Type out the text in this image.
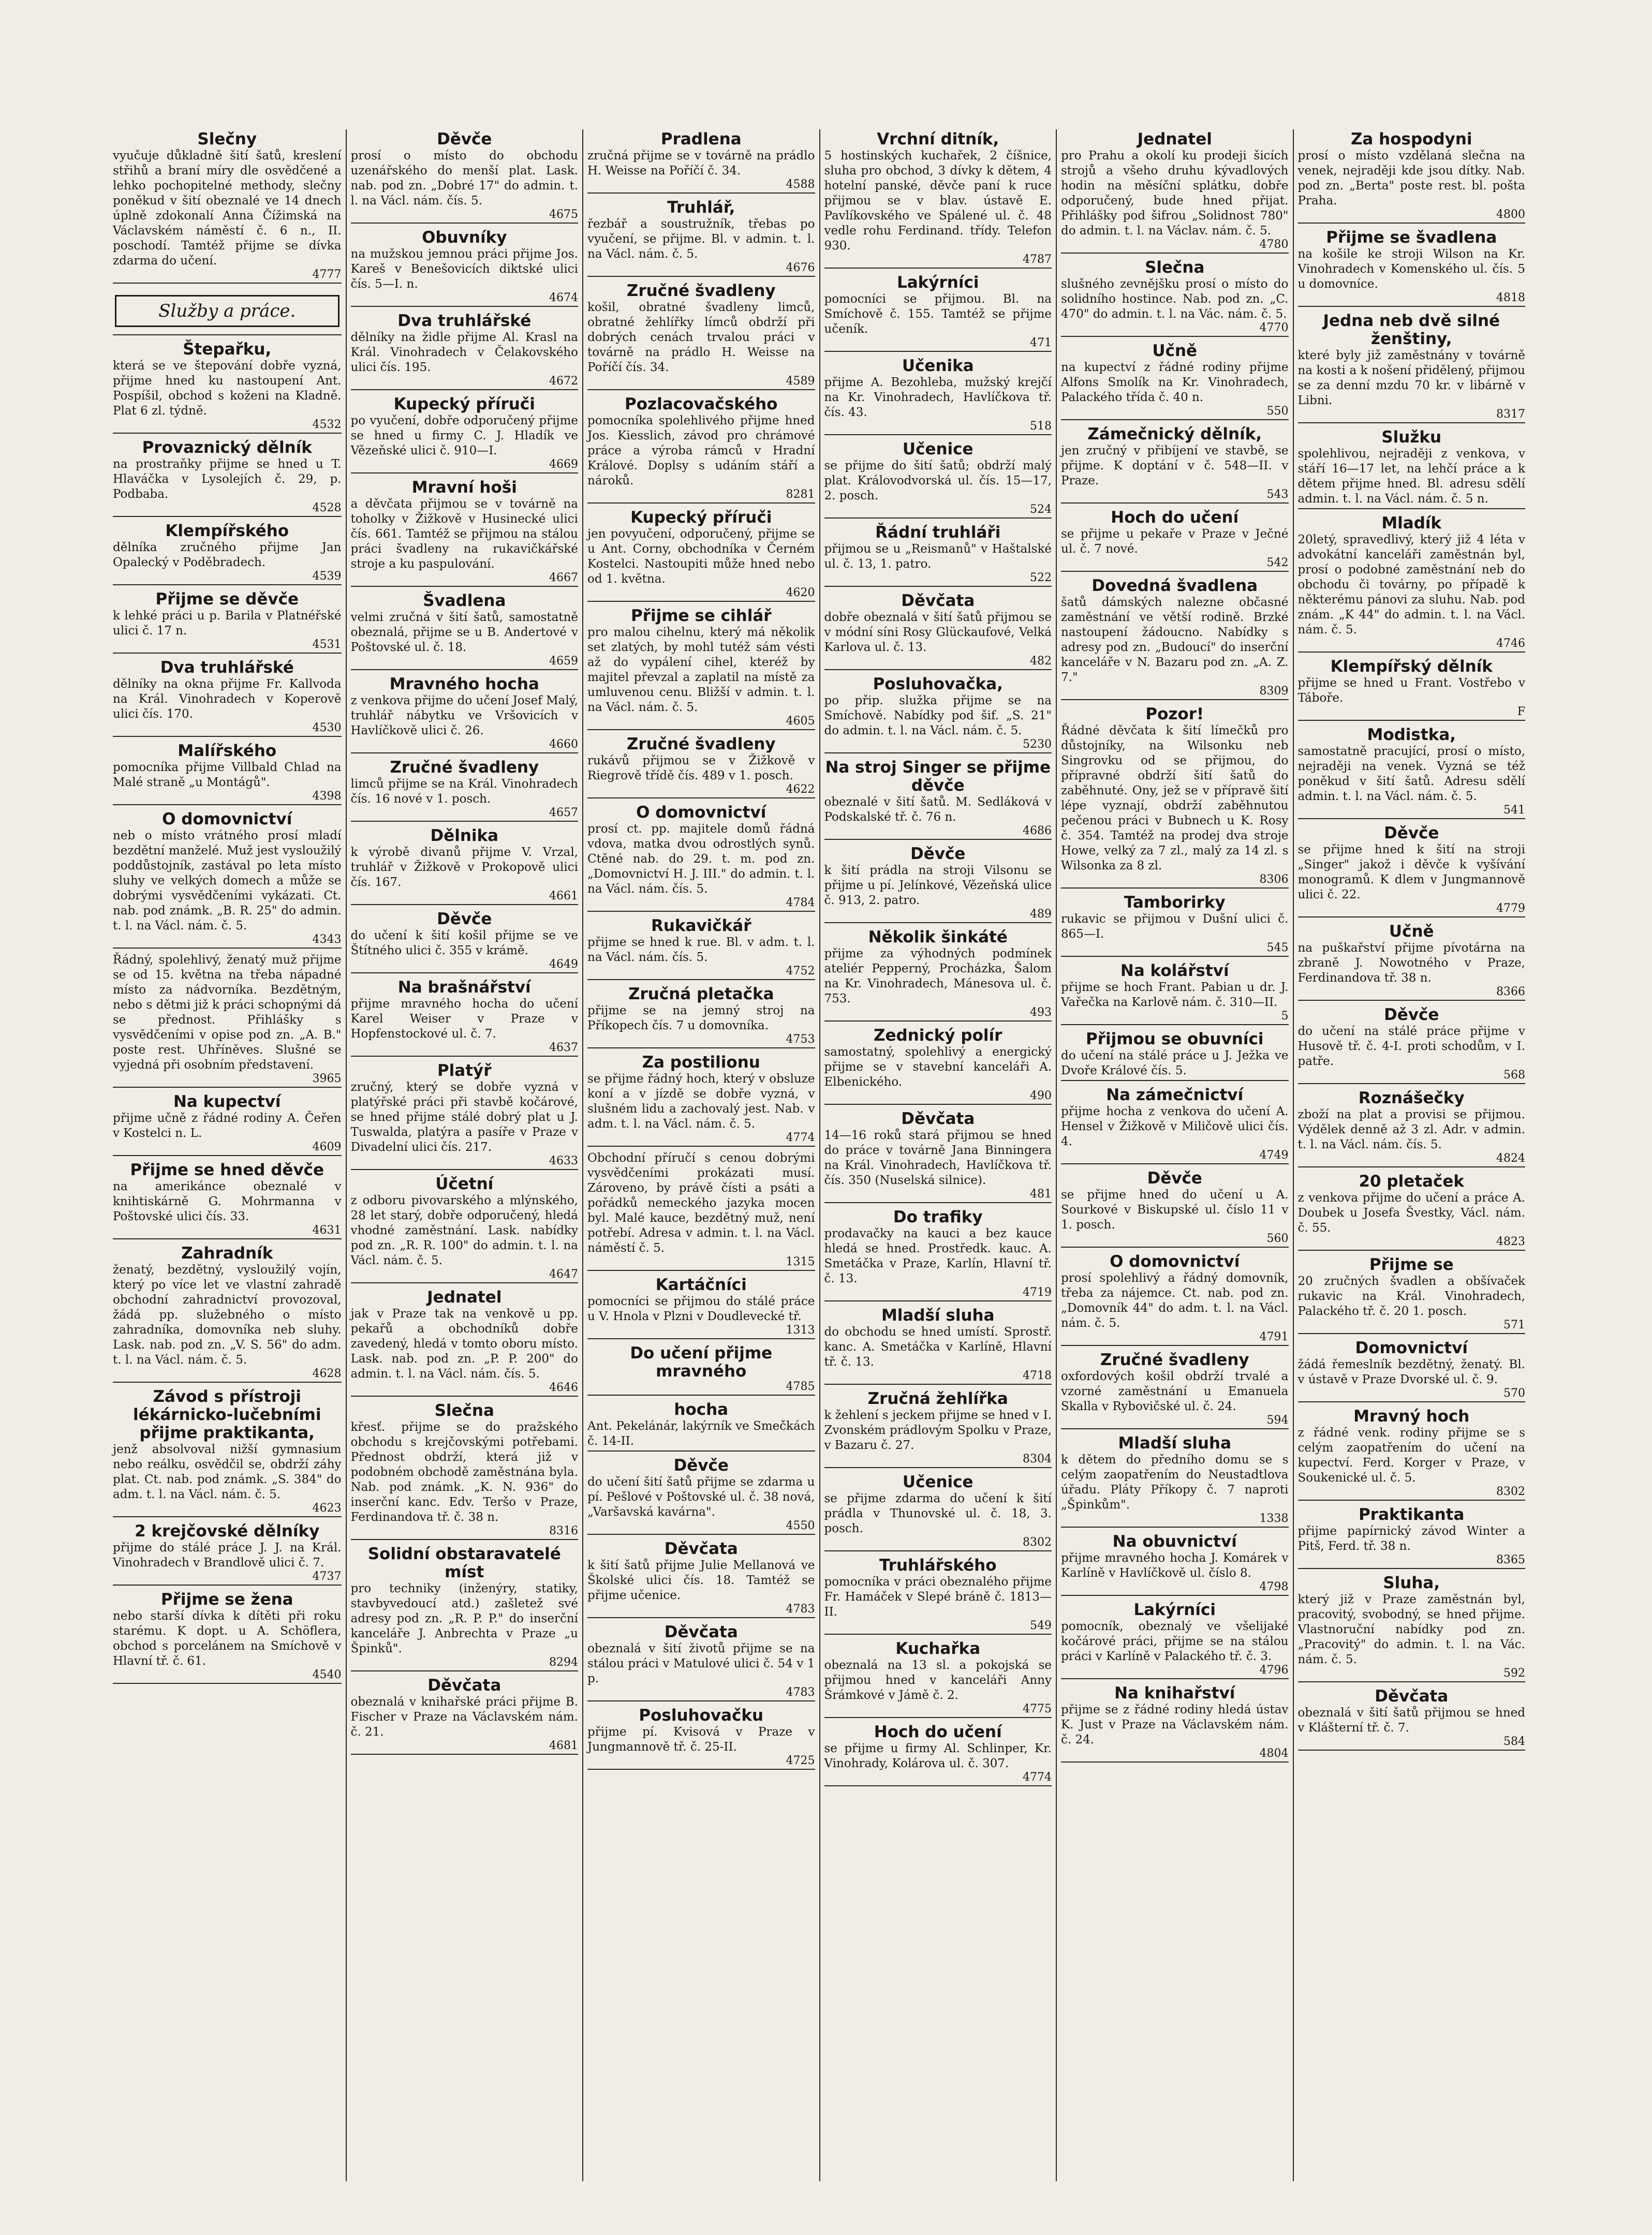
Slečny
vyučuje důkladně šití šatů, kreslení střihů a braní míry dle osvědčené a lehko pochopitelné methody, slečny poněkud v šití obeznalé ve 14 dnech úplně zdokonalí Anna Čížimská na Václavském náměstí č. 6 n., II. poschodí. Tamtéž přijme se dívka zdarma do učení.
4777
Služby a práce.
Štepařku,
která se ve štepování dobře vyzná, přijme hned ku nastoupení Ant. Pospíšil, obchod s koženi na Kladně. Plat 6 zl. týdně.
4532
Provaznický dělník
na prostraňky přijme se hned u T. Hlaváčka v Lysolejích č. 29, p. Podbaba.
4528
Klempířského
dělníka zručného přijme Jan Opalecký v Poděbradech.
4539
Přijme se děvče
k lehké práci u p. Barila v Platnéřské ulici č. 17 n.
4531
Dva truhlářské
dělníky na okna přijme Fr. Kallvoda na Král. Vinohradech v Koperově ulici čís. 170.
4530
Malířského
pomocníka přijme Villbald Chlad na Malé straně „u Montágů".
4398
O domovnictví
neb o místo vrátného prosí mladí bezdětní manželé. Muž jest vysloužilý poddůstojník, zastával po leta místo sluhy ve velkých domech a může se dobrými vysvědčeními vykázati. Ct. nab. pod známk. „B. R. 25" do admin. t. l. na Václ. nám. č. 5.
4343
Řádný, spolehlivý, ženatý muž přijme se od 15. května na třeba nápadné místo za nádvorníka. Bezdětným, nebo s dětmi již k práci schopnými dá se přednost. Přihlášky s vysvědčeními v opise pod zn. „A. B." poste rest. Uhříněves. Slušné se vyjedná při osobním představení.
3965
Na kupectví
přijme učně z řádné rodiny A. Čeřen v Kostelci n. L.
4609
Přijme se hned děvče
na amerikánce obeznalé v knihtiskárně G. Mohrmanna v Poštovské ulici čís. 33.
4631
Zahradník
ženatý, bezdětný, vysloužilý vojín, který po více let ve vlastní zahradě obchodní zahradnictví provozoval, žádá pp. služebného o místo zahradníka, domovníka neb sluhy. Lask. nab. pod zn. „V. S. 56" do adm. t. l. na Václ. nám. č. 5.
4628
Závod s přístroji lékárnicko-lučebními přijme praktikanta,
jenž absolvoval nižší gymnasium nebo reálku, osvědčil se, obdrží záhy plat. Ct. nab. pod známk. „S. 384" do adm. t. l. na Václ. nám. č. 5.
4623
2 krejčovské dělníky
přijme do stálé práce J. J. na Král. Vinohradech v Brandlově ulici č. 7.
4737
Přijme se žena
nebo starší dívka k dítěti při roku starému. K dopt. u A. Schöflera, obchod s porcelánem na Smíchově v Hlavní tř. č. 61.
4540
Děvče
prosí o místo do obchodu uzenářského do menší plat. Lask. nab. pod zn. „Dobré 17" do admin. t. l. na Václ. nám. čís. 5.
4675
Obuvníky
na mužskou jemnou práci přijme Jos. Kareš v Benešovicích diktské ulici čís. 5—I. n.
4674
Dva truhlářské
dělníky na židle přijme Al. Krasl na Král. Vinohradech v Čelakovského ulici čís. 195.
4672
Kupecký příruči
po vyučení, dobře odporučený přijme se hned u firmy C. J. Hladík ve Vězeňské ulici č. 910—I.
4669
Mravní hoši
a děvčata přijmou se v továrně na toholky v Žižkově v Husinecké ulici čís. 661. Tamtéž se přijmou na stálou práci švadleny na rukavičkářské stroje a ku paspulování.
4667
Švadlena
velmi zručná v šití šatů, samostatně obeznalá, přijme se u B. Andertové v Poštovské ul. č. 18.
4659
Mravného hocha
z venkova přijme do učení Josef Malý, truhlář nábytku ve Vršovicích v Havlíčkově ulici č. 26.
4660
Zručné švadleny
limců přijme se na Král. Vinohradech čís. 16 nové v 1. posch.
4657
Dělnika
k výrobě divanů přijme V. Vrzal, truhlář v Žižkově v Prokopově ulici čís. 167.
4661
Děvče
do učení k šití košil přijme se ve Štítného ulici č. 355 v krámě.
4649
Na brašnářství
přijme mravného hocha do učení Karel Weiser v Praze v Hopfenstockové ul. č. 7.
4637
Platýř
zručný, který se dobře vyzná v platýřské práci při stavbě kočárové, se hned přijme stálé dobrý plat u J. Tuswalda, platýra a pasíře v Praze v Divadelní ulici čís. 217.
4633
Účetní
z odboru pivovarského a mlýnského, 28 let starý, dobře odporučený, hledá vhodné zaměstnání. Lask. nabídky pod zn. „R. R. 100" do admin. t. l. na Václ. nám. č. 5.
4647
Jednatel
jak v Praze tak na venkově u pp. pekařů a obchodníků dobře zavedený, hledá v tomto oboru místo. Lask. nab. pod zn. „P. P. 200" do admin. t. l. na Václ. nám. čís. 5.
4646
Slečna
křesť. přijme se do pražského obchodu s krejčovskými potřebami. Přednost obdrží, která již v podobném obchodě zaměstnána byla. Nab. pod známk. „K. N. 936" do inserční kanc. Edv. Teršo v Praze, Ferdinandova tř. č. 38 n.
8316
Solidní obstaravatelé míst
pro techniky (inženýry, statiky, stavbyvedoucí atd.) zašletež své adresy pod zn. „R. P. P." do inserční kanceláře J. Anbrechta v Praze „u Špinků".
8294
Děvčata
obeznalá v knihařské práci přijme B. Fischer v Praze na Václavském nám. č. 21.
4681
Pradlena
zručná přijme se v továrně na prádlo H. Weisse na Poříčí č. 34.
4588
Truhlář,
řezbář a soustružník, třebas po vyučení, se přijme. Bl. v admin. t. l. na Václ. nám. č. 5.
4676
Zručné švadleny
košil, obratné švadleny limců, obratné žehlířky límců obdrží při dobrých cenách trvalou práci v továrně na prádlo H. Weisse na Poříčí čís. 34.
4589
Pozlacovačského
pomocníka spolehlivého přijme hned Jos. Kiesslich, závod pro chrámové práce a výroba rámců v Hradní Králové. Doplsy s udáním stáří a nároků.
8281
Kupecký příruči
jen povyučení, odporučený, přijme se u Ant. Corny, obchodníka v Černém Kostelci. Nastoupiti může hned nebo od 1. května.
4620
Přijme se cihlář
pro malou cihelnu, který má několik set zlatých, by mohl tutéž sám vésti až do vypálení cihel, kteréž by majitel převzal a zaplatil na místě za umluvenou cenu. Bližší v admin. t. l. na Václ. nám. č. 5.
4605
Zručné švadleny
rukávů přijmou se v Žižkově v Riegrově třídě čís. 489 v 1. posch.
4622
O domovnictví
prosí ct. pp. majitele domů řádná vdova, matka dvou odrostlých synů. Ctěné nab. do 29. t. m. pod zn. „Domovnictví H. J. III." do admin. t. l. na Václ. nám. čís. 5.
4784
Rukavičkář
přijme se hned k rue. Bl. v adm. t. l. na Václ. nám. čís. 5.
4752
Zručná pletačka
přijme se na jemný stroj na Příkopech čís. 7 u domovníka.
4753
Za postilionu
se přijme řádný hoch, který v obsluze koní a v jízdě se dobře vyzná, v slušném lidu a zachovalý jest. Nab. v adm. t. l. na Václ. nám. č. 5.
4774
Obchodní příručí s cenou dobrými vysvědčeními prokázati musí. Zároveno, by právě čísti a psáti a pořádků nemeckého jazyka mocen byl. Malé kauce, bezdětný muž, není potřebí. Adresa v admin. t. l. na Václ. náměstí č. 5.
1315
Kartáčníci
pomocníci se přijmou do stálé práce u V. Hnola v Plzni v Doudlevecké tř.
1313
Do učení přijme mravného
4785
hocha
Ant. Pekelánár, lakýrník ve Smečkách č. 14-II.
Děvče
do učení šití šatů přijme se zdarma u pí. Pešlové v Poštovské ul. č. 38 nová, „Varšavská kavárna".
4550
Děvčata
k šití šatů přijme Julie Mellanová ve Školské ulici čís. 18. Tamtéž se přijme učenice.
4783
Děvčata
obeznalá v šití životů přijme se na stálou práci v Matulové ulici č. 54 v 1 p.
4783
Posluhovačku
přijme pí. Kvisová v Praze v Jungmannově tř. č. 25-II.
4725
Vrchní ditník,
5 hostinských kuchařek, 2 číšnice, sluha pro obchod, 3 dívky k dětem, 4 hotelní panské, děvče paní k ruce přijmou se v blav. ústavě E. Pavlíkovského ve Spálené ul. č. 48 vedle rohu Ferdinand. třídy. Telefon 930.
4787
Lakýrníci
pomocníci se přijmou. Bl. na Smíchově č. 155. Tamtéž se přijme učeník.
471
Učenika
přijme A. Bezohleba, mužský krejčí na Kr. Vinohradech, Havlíčkova tř. čís. 43.
518
Učenice
se přijme do šití šatů; obdrží malý plat. Královodvorská ul. čís. 15—17, 2. posch.
524
Řádní truhláři
přijmou se u „Reismanů" v Haštalské ul. č. 13, 1. patro.
522
Děvčata
dobře obeznalá v šití šatů přijmou se v módní síni Rosy Glückaufové, Velká Karlova ul. č. 13.
482
Posluhovačka,
po přip. služka přijme se na Smíchově. Nabídky pod šif. „S. 21" do admin. t. l. na Václ. nám. č. 5.
5230
Na stroj Singer se přijme děvče
obeznalé v šití šatů. M. Sedláková v Podskalské tř. č. 76 n.
4686
Děvče
k šití prádla na stroji Vilsonu se přijme u pí. Jelínkové, Vězeňská ulice č. 913, 2. patro.
489
Několik šinkáté
přijme za výhodných podmínek ateliér Pepperný, Procházka, Šalom na Kr. Vinohradech, Mánesova ul. č. 753.
493
Zednický polír
samostatný, spolehlivý a energický přijme se v stavební kanceláři A. Elbenického.
490
Děvčata
14—16 roků stará přijmou se hned do práce v továrně Jana Binningera na Král. Vinohradech, Havlíčkova tř. čís. 350 (Nuselská silnice).
481
Do trafiky
prodavačky na kauci a bez kauce hledá se hned. Prostředk. kauc. A. Smetáčka v Praze, Karlín, Hlavní tř. č. 13.
4719
Mladší sluha
do obchodu se hned umístí. Sprostř. kanc. A. Smetáčka v Karlíně, Hlavní tř. č. 13.
4718
Zručná žehlířka
k žehlení s jeckem přijme se hned v I. Zvonském prádlovým Spolku v Praze, v Bazaru č. 27.
8304
Učenice
se přijme zdarma do učení k šití prádla v Thunovské ul. č. 18, 3. posch.
8302
Truhlářského
pomocníka v práci obeznalého přijme Fr. Hamáček v Slepé bráně č. 1813—II.
549
Kuchařka
obeznalá na 13 sl. a pokojská se přijmou hned v kanceláři Anny Šrámkové v Jámě č. 2.
4775
Hoch do učení
se přijme u firmy Al. Schlinper, Kr. Vinohrady, Kolárova ul. č. 307.
4774
Jednatel
pro Prahu a okolí ku prodeji šicích strojů a všeho druhu kývadlových hodin na měsíční splátku, dobře odporučený, bude hned přijat. Přihlášky pod šifrou „Solidnost 780" do admin. t. l. na Václav. nám. č. 5.
4780
Slečna
slušného zevnějšku prosí o místo do solidního hostince. Nab. pod zn. „C. 470" do admin. t. l. na Vác. nám. č. 5.
4770
Učně
na kupectví z řádné rodiny přijme Alfons Smolík na Kr. Vinohradech, Palackého třída č. 40 n.
550
Zámečnický dělník,
jen zručný v přibíjení ve stavbě, se přijme. K doptání v č. 548—II. v Praze.
543
Hoch do učení
se přijme u pekaře v Praze v Ječné ul. č. 7 nové.
542
Dovedná švadlena
šatů dámských nalezne občasné zaměstnání ve větší rodině. Brzké nastoupení žádoucno. Nabídky s adresy pod zn. „Budoucí" do inserční kanceláře v N. Bazaru pod zn. „A. Z. 7."
8309
Pozor!
Řádné děvčata k šití límečků pro důstojníky, na Wilsonku neb Singrovku od se přijmou, do přípravné obdrží šití šatů do zaběhnuté. Ony, jež se v přípravě šití lépe vyznají, obdrží zaběhnutou pečenou práci v Bubnech u K. Rosy č. 354. Tamtéž na prodej dva stroje Howe, velký za 7 zl., malý za 14 zl. s Wilsonka za 8 zl.
8306
Tamborirky
rukavic se přijmou v Dušní ulici č. 865—I.
545
Na kolářství
přijme se hoch Frant. Pabian u dr. J. Vařečka na Karlově nám. č. 310—II.
5
Přijmou se obuvníci
do učení na stálé práce u J. Ježka ve Dvoře Králové čís. 5.
Na zámečnictví
přijme hocha z venkova do učení A. Hensel v Žižkově v Miličově ulici čís. 4.
4749
Děvče
se přijme hned do učení u A. Sourkové v Biskupské ul. číslo 11 v 1. posch.
560
O domovnictví
prosí spolehlivý a řádný domovník, třeba za nájemce. Ct. nab. pod zn. „Domovník 44" do adm. t. l. na Václ. nám. č. 5.
4791
Zručné švadleny
oxfordových košil obdrží trvalé a vzorné zaměstnání u Emanuela Skalla v Rybovičské ul. č. 24.
594
Mladší sluha
k dětem do předního domu se s celým zaopatřením do Neustadtlova úřadu. Pláty Příkopy č. 7 naproti „Špinkům".
1338
Na obuvnictví
přijme mravného hocha J. Komárek v Karlíně v Havlíčkově ul. číslo 8.
4798
Lakýrníci
pomocník, obeznalý ve všelijaké kočárové práci, přijme se na stálou práci v Karlíně v Palackého tř. č. 3.
4796
Na knihařství
přijme se z řádné rodiny hledá ústav K. Just v Praze na Václavském nám. č. 24.
4804
Za hospodyni
prosí o místo vzdělaná slečna na venek, nejraději kde jsou dítky. Nab. pod zn. „Berta" poste rest. bl. pošta Praha.
4800
Přijme se švadlena
na košile ke stroji Wilson na Kr. Vinohradech v Komenského ul. čís. 5 u domovníce.
4818
Jedna neb dvě silné ženštiny,
které byly již zaměstnány v továrně na kosti a k nošení přidělený, přijmou se za denní mzdu 70 kr. v libárně v Libni.
8317
Služku
spolehlivou, nejraději z venkova, v stáří 16—17 let, na lehčí práce a k dětem přijme hned. Bl. adresu sdělí admin. t. l. na Václ. nám. č. 5 n.
Mladík
20letý, spravedlivý, který již 4 léta v advokátní kanceláři zaměstnán byl, prosí o podobné zaměstnání neb do obchodu či továrny, po případě k některému pánovi za sluhu. Nab. pod znám. „K 44" do admin. t. l. na Václ. nám. č. 5.
4746
Klempířský dělník
přijme se hned u Frant. Vostřebo v Táboře.
F
Modistka,
samostatně pracující, prosí o místo, nejraději na venek. Vyzná se též poněkud v šití šatů. Adresu sdělí admin. t. l. na Václ. nám. č. 5.
541
Děvče
se přijme hned k šití na stroji „Singer" jakož i děvče k vyšívání monogramů. K dlem v Jungmannově ulici č. 22.
4779
Učně
na puškařství přijme pívotárna na zbraně J. Nowotného v Praze, Ferdinandova tř. 38 n.
8366
Děvče
do učení na stálé práce přijme v Husově tř. č. 4-I. proti schodům, v I. patře.
568
Roznášečky
zboží na plat a provisi se přijmou. Výdělek denně až 3 zl. Adr. v admin. t. l. na Václ. nám. čís. 5.
4824
20 pletaček
z venkova přijme do učení a práce A. Doubek u Josefa Švestky, Václ. nám. č. 55.
4823
Přijme se
20 zručných švadlen a obšívaček rukavic na Král. Vinohradech, Palackého tř. č. 20 1. posch.
571
Domovnictví
žádá řemeslník bezdětný, ženatý. Bl. v ústavě v Praze Dvorské ul. č. 9.
570
Mravný hoch
z řádné venk. rodiny přijme se s celým zaopatřením do učení na kupectví. Ferd. Korger v Praze, v Soukenické ul. č. 5.
8302
Praktikanta
přijme papírnický závod Winter a Pitš, Ferd. tř. 38 n.
8365
Sluha,
který již v Praze zaměstnán byl, pracovitý, svobodný, se hned přijme. Vlastnoruční nabídky pod zn. „Pracovitý" do admin. t. l. na Vác. nám. č. 5.
592
Děvčata
obeznalá v šití šatů přijmou se hned v Klášterní tř. č. 7.
584
